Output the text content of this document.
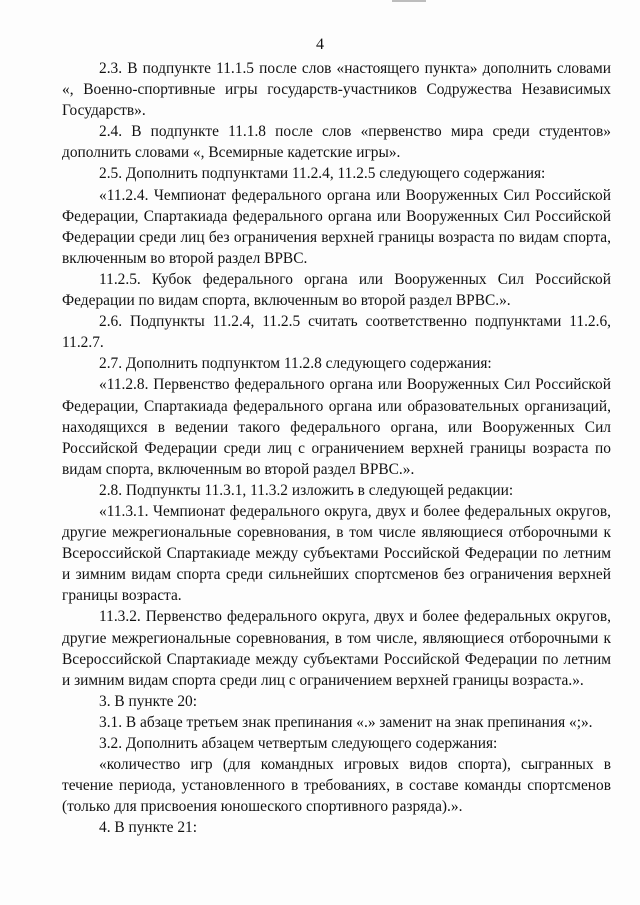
4

2.3. В подпункте 11.1.5 после слов «настоящего пункта» дополнить словами «, Военно-спортивные игры государств-участников Содружества Независимых Государств».

2.4. В подпункте 11.1.8 после слов «первенство мира среди студентов» дополнить словами «, Всемирные кадетские игры».

2.5. Дополнить подпунктами 11.2.4, 11.2.5 следующего содержания:

«11.2.4. Чемпионат федерального органа или Вооруженных Сил Российской Федерации, Спартакиада федерального органа или Вооруженных Сил Российской Федерации среди лиц без ограничения верхней границы возраста по видам спорта, включенным во второй раздел ВРВС.

11.2.5. Кубок федерального органа или Вооруженных Сил Российской Федерации по видам спорта, включенным во второй раздел ВРВС.».

2.6. Подпункты 11.2.4, 11.2.5 считать соответственно подпунктами 11.2.6, 11.2.7.

2.7. Дополнить подпунктом 11.2.8 следующего содержания:

«11.2.8. Первенство федерального органа или Вооруженных Сил Российской Федерации, Спартакиада федерального органа или образовательных организаций, находящихся в ведении такого федерального органа, или Вооруженных Сил Российской Федерации среди лиц с ограничением верхней границы возраста по видам спорта, включенным во второй раздел ВРВС.».

2.8. Подпункты 11.3.1, 11.3.2 изложить в следующей редакции:

«11.3.1. Чемпионат федерального округа, двух и более федеральных округов, другие межрегиональные соревнования, в том числе являющиеся отборочными к Всероссийской Спартакиаде между субъектами Российской Федерации по летним и зимним видам спорта среди сильнейших спортсменов без ограничения верхней границы возраста.

11.3.2. Первенство федерального округа, двух и более федеральных округов, другие межрегиональные соревнования, в том числе, являющиеся отборочными к Всероссийской Спартакиаде между субъектами Российской Федерации по летним и зимним видам спорта среди лиц с ограничением верхней границы возраста.».

3. В пункте 20:

3.1. В абзаце третьем знак препинания «.» заменит на знак препинания «;».

3.2. Дополнить абзацем четвертым следующего содержания:

«количество игр (для командных игровых видов спорта), сыгранных в течение периода, установленного в требованиях, в составе команды спортсменов (только для присвоения юношеского спортивного разряда).».

4. В пункте 21:
